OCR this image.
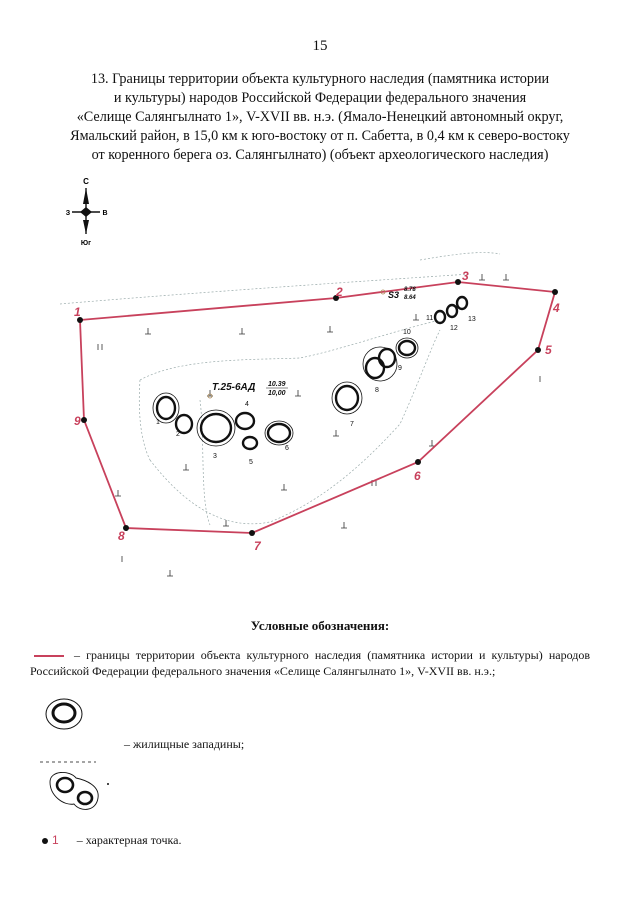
15
13. Границы территории объекта культурного наследия (памятника истории
и культуры) народов Российской Федерации федерального значения
«Селище Салянгылнато 1», V-XVII вв. н.э. (Ямало-Ненецкий автономный округ,
Ямальский район, в 15,0 км к юго-востоку от п. Сабетта, в 0,4 км к северо-востоку
от коренного берега оз. Салянгылнато) (объект археологического наследия)
С
З	В
Юг
1
2
3
4
5
6
7
8
9
10
11
12
13
Т.25-6АД 10.39
10,00
S3 8.78
8.64
1
2
3
4
5
6
7
8
9
Условные обозначения:
– границы территории объекта культурного наследия (памятника истории и культуры) народов Российской Федерации федерального значения «Селище Салянгылнато 1», V-XVII вв. н.э.;
– жилищные западины;
1 – характерная точка.
